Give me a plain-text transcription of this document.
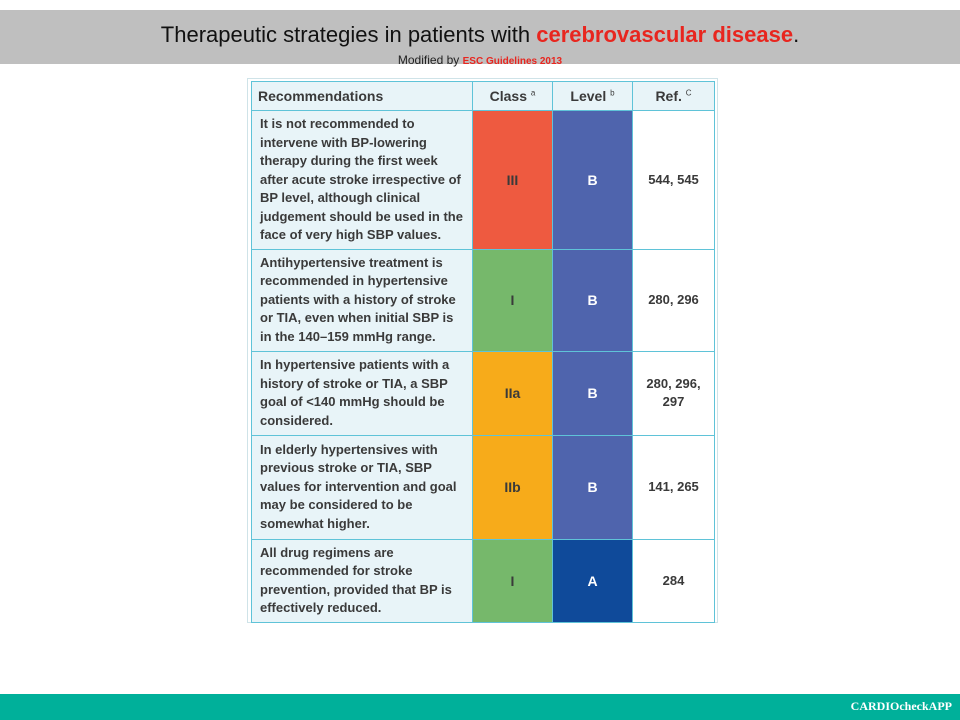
Therapeutic strategies in patients with cerebrovascular disease.
Modified by ESC Guidelines 2013
Recommendations	Class $^a$	Level $^b$	Ref. $^C$
It is not recommended to intervene with BP-lowering therapy during the first week after acute stroke irrespective of BP level, although clinical judgement should be used in the face of very high SBP values.	III	B	544, 545
Antihypertensive treatment is recommended in hypertensive patients with a history of stroke or TIA, even when initial SBP is in the 140–159 mmHg range.	I	B	280, 296
In hypertensive patients with a history of stroke or TIA, a SBP goal of <140 mmHg should be considered.	IIa	B	280, 296, 297
In elderly hypertensives with previous stroke or TIA, SBP values for intervention and goal may be considered to be somewhat higher.	IIb	B	141, 265
All drug regimens are recommended for stroke prevention, provided that BP is effectively reduced.	I	A	284
CARDIOcheckAPP
